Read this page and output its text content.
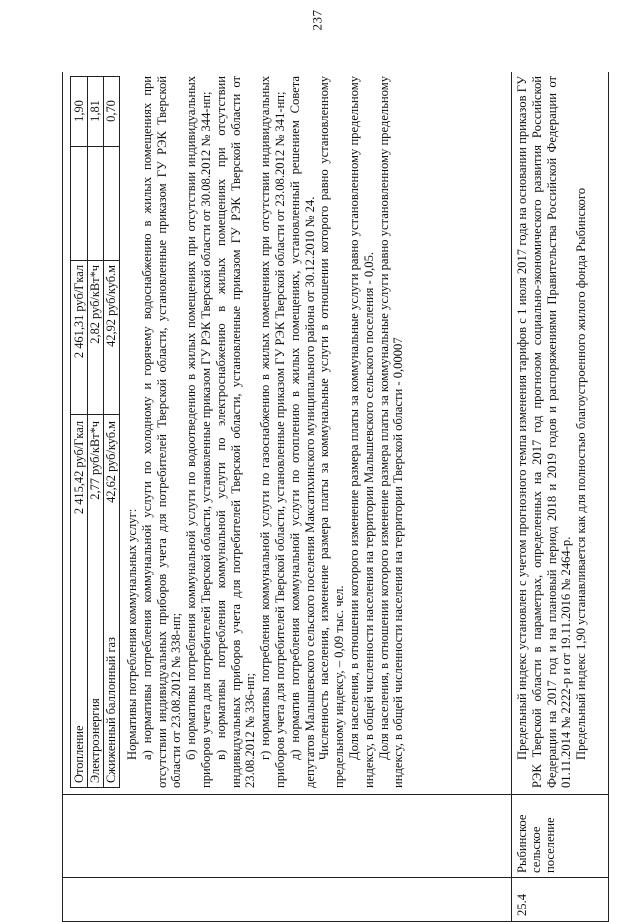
237
Отопление
2 415,42 руб/Гкал
2 461,31 руб/Гкал
1,90
Электроэнергия
2,77 руб/кВт*ч
2,82 руб/кВт*ч
1,81
Сжиженный баллонный газ
42,62 руб/куб.м
42,92 руб/куб.м
0,70

Нормативы потребления коммунальных услуг: а) нормативы потребления коммунальной услуги по холодному и горячему водоснабжению в жилых помещениях при отсутствии индивидуальных приборов учета для потребителей Тверской области, установленные приказом ГУ РЭК Тверской области от 23.08.2012 № 338-нп; б) нормативы потребления коммунальной услуги по водоотведению в жилых помещениях при отсутствии индивидуальных приборов учета для потребителей Тверской области, установленные приказом ГУ РЭК Тверской области от 30.08.2012 № 344-нп; в) нормативы потребления коммунальной услуги по электроснабжению в жилых помещениях при отсутствии индивидуальных приборов учета для потребителей Тверской области, установленные приказом ГУ РЭК Тверской области от 23.08.2012 № 336-нп; г) нормативы потребления коммунальной услуги по газоснабжению в жилых помещениях при отсутствии индивидуальных приборов учета для потребителей Тверской области, установленные приказом ГУ РЭК Тверской области от 23.08.2012 № 341-нп; д) норматив потребления коммунальной услуги по отоплению в жилых помещениях, установленный решением Совета депутатов Малышевского сельского поселения Максатихинского муниципального района от 30.12.2010 № 24. Численность населения, изменение размера платы за коммунальные услуги в отношении которого равно установленному предельному индексу, – 0,09 тыс. чел. Доля населения, в отношении которого изменение размера платы за коммунальные услуги равно установленному предельному индексу, в общей численности населения на территории Малышевского сельского поселения - 0,05. Доля населения, в отношении которого изменение размера платы за коммунальные услуги равно установленному предельному индексу, в общей численности населения на территории Тверской области - 0,00007

25.4
Рыбинское сельское поселение

Предельный индекс установлен с учетом прогнозного темпа изменения тарифов с 1 июля 2017 года на основании приказов ГУ РЭК Тверской области в параметрах, определенных на 2017 год прогнозом социально-экономического развития Российской Федерации на 2017 год и на плановый период 2018 и 2019 годов и распоряжениями Правительства Российской Федерации от 01.11.2014 № 2222-р и от 19.11.2016 № 2464-р. Предельный индекс 1,90 устанавливается как для полностью благоустроенного жилого фонда Рыбинского
